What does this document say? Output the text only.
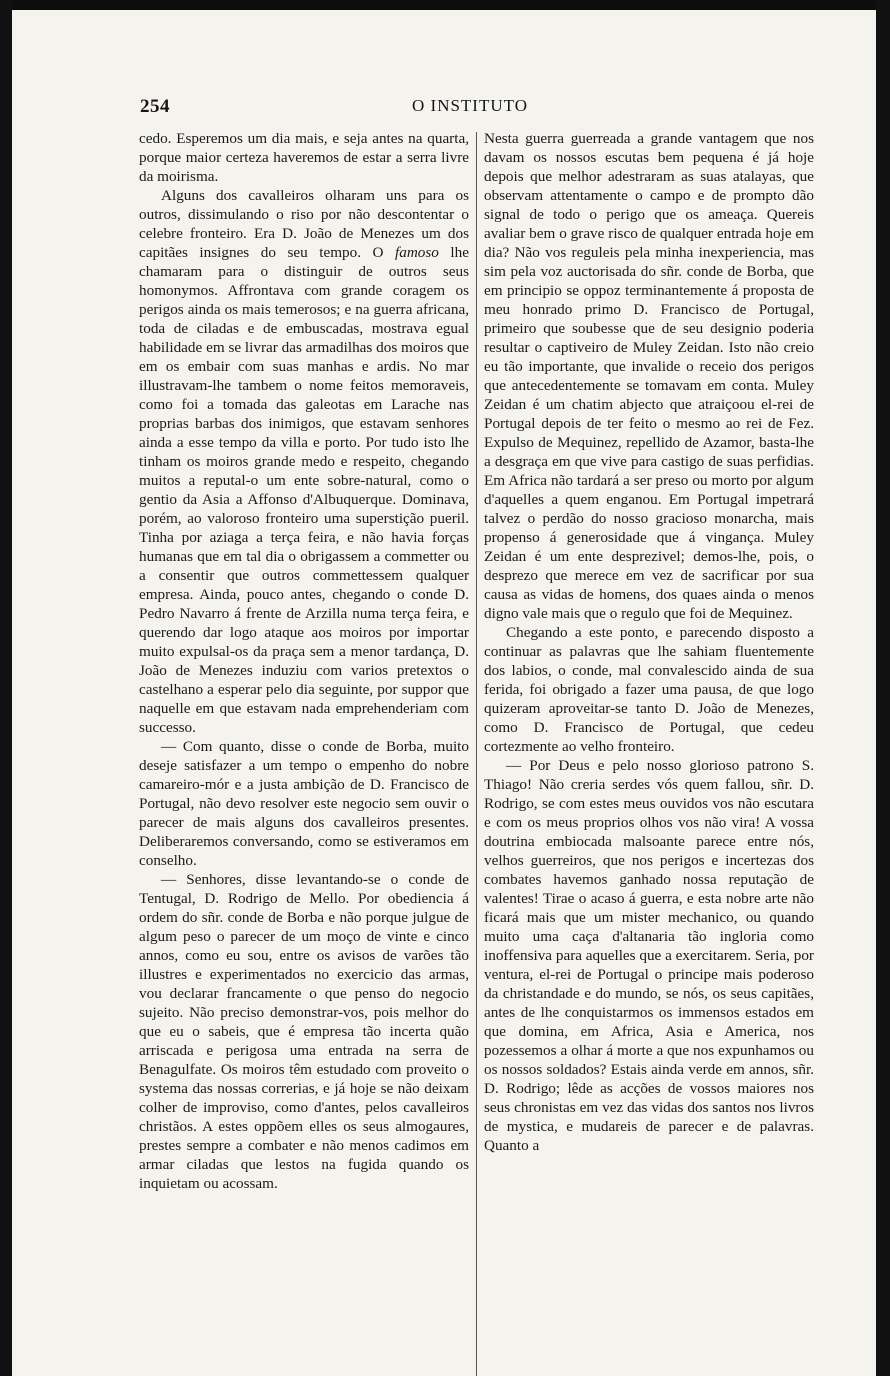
254	O INSTITUTO

cedo. Esperemos um dia mais, e seja antes na quarta, porque maior certeza haveremos de estar a serra livre da moirisma.

Alguns dos cavalleiros olharam uns para os outros, dissimulando o riso por não descontentar o celebre fronteiro. Era D. João de Menezes um dos capitães insignes do seu tempo. O famoso lhe chamaram para o distinguir de outros seus homonymos. Affrontava com grande coragem os perigos ainda os mais temerosos; e na guerra africana, toda de ciladas e de embuscadas, mostrava egual habilidade em se livrar das armadilhas dos moiros que em os embair com suas manhas e ardis. No mar illustravam-lhe tambem o nome feitos memoraveis, como foi a tomada das galeotas em Larache nas proprias barbas dos inimigos, que estavam senhores ainda a esse tempo da villa e porto. Por tudo isto lhe tinham os moiros grande medo e respeito, chegando muitos a reputal-o um ente sobre-natural, como o gentio da Asia a Affonso d'Albuquerque. Dominava, porém, ao valoroso fronteiro uma superstição pueril. Tinha por aziaga a terça feira, e não havia forças humanas que em tal dia o obrigassem a commetter ou a consentir que outros commettessem qualquer empresa. Ainda, pouco antes, chegando o conde D. Pedro Navarro á frente de Arzilla numa terça feira, e querendo dar logo ataque aos moiros por importar muito expulsal-os da praça sem a menor tardança, D. João de Menezes induziu com varios pretextos o castelhano a esperar pelo dia seguinte, por suppor que naquelle em que estavam nada emprehenderiam com successo.

— Com quanto, disse o conde de Borba, muito deseje satisfazer a um tempo o empenho do nobre camareiro-mór e a justa ambição de D. Francisco de Portugal, não devo resolver este negocio sem ouvir o parecer de mais alguns dos cavalleiros presentes. Deliberaremos conversando, como se estiveramos em conselho.

— Senhores, disse levantando-se o conde de Tentugal, D. Rodrigo de Mello. Por obediencia á ordem do sñr. conde de Borba e não porque julgue de algum peso o parecer de um moço de vinte e cinco annos, como eu sou, entre os avisos de varões tão illustres e experimentados no exercicio das armas, vou declarar francamente o que penso do negocio sujeito. Não preciso demonstrar-vos, pois melhor do que eu o sabeis, que é empresa tão incerta quão arriscada e perigosa uma entrada na serra de Benagulfate. Os moiros têm estudado com proveito o systema das nossas correrias, e já hoje se não deixam colher de improviso, como d'antes, pelos cavalleiros christãos. A estes oppõem elles os seus almogaures, prestes sempre a combater e não menos cadimos em armar ciladas que lestos na fugida quando os inquietam ou acossam.

Nesta guerra guerreada a grande vantagem que nos davam os nossos escutas bem pequena é já hoje depois que melhor adestraram as suas atalayas, que observam attentamente o campo e de prompto dão signal de todo o perigo que os ameaça. Quereis avaliar bem o grave risco de qualquer entrada hoje em dia? Não vos reguleis pela minha inexperiencia, mas sim pela voz auctorisada do sñr. conde de Borba, que em principio se oppoz terminantemente á proposta de meu honrado primo D. Francisco de Portugal, primeiro que soubesse que de seu designio poderia resultar o captiveiro de Muley Zeidan. Isto não creio eu tão importante, que invalide o receio dos perigos que antecedentemente se tomavam em conta. Muley Zeidan é um chatim abjecto que atraiçoou el-rei de Portugal depois de ter feito o mesmo ao rei de Fez. Expulso de Mequinez, repellido de Azamor, basta-lhe a desgraça em que vive para castigo de suas perfidias. Em Africa não tardará a ser preso ou morto por algum d'aquelles a quem enganou. Em Portugal impetrará talvez o perdão do nosso gracioso monarcha, mais propenso á generosidade que á vingança. Muley Zeidan é um ente desprezivel; demos-lhe, pois, o desprezo que merece em vez de sacrificar por sua causa as vidas de homens, dos quaes ainda o menos digno vale mais que o regulo que foi de Mequinez.

Chegando a este ponto, e parecendo disposto a continuar as palavras que lhe sahiam fluentemente dos labios, o conde, mal convalescido ainda de sua ferida, foi obrigado a fazer uma pausa, de que logo quizeram aproveitar-se tanto D. João de Menezes, como D. Francisco de Portugal, que cedeu cortezmente ao velho fronteiro.

— Por Deus e pelo nosso glorioso patrono S. Thiago! Não creria serdes vós quem fallou, sñr. D. Rodrigo, se com estes meus ouvidos vos não escutara e com os meus proprios olhos vos não vira! A vossa doutrina embiocada malsoante parece entre nós, velhos guerreiros, que nos perigos e incertezas dos combates havemos ganhado nossa reputação de valentes! Tirae o acaso á guerra, e esta nobre arte não ficará mais que um mister mechanico, ou quando muito uma caça d'altanaria tão ingloria como inoffensiva para aquelles que a exercitarem. Seria, por ventura, el-rei de Portugal o principe mais poderoso da christandade e do mundo, se nós, os seus capitães, antes de lhe conquistarmos os immensos estados em que domina, em Africa, Asia e America, nos pozessemos a olhar á morte a que nos expunhamos ou os nossos soldados? Estais ainda verde em annos, sñr. D. Rodrigo; lêde as acções de vossos maiores nos seus chronistas em vez das vidas dos santos nos livros de mystica, e mudareis de parecer e de palavras. Quanto a
